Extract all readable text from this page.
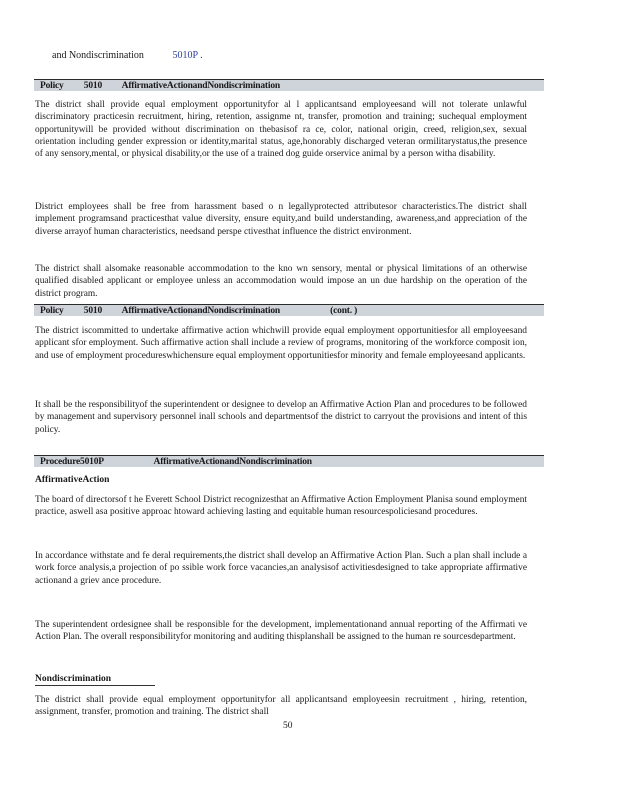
and Nondiscrimination	5010P .
Policy 5010 AffirmativeActionandNondiscrimination

The district shall provide equal employment opportunityfor al l applicantsand employeesand will not tolerate unlawful discriminatory practicesin recruitment, hiring, retention, assignme nt, transfer, promotion and training; suchequal employment opportunitywill be provided without discrimination on thebasisof ra ce, color, national origin, creed, religion,sex, sexual orientation including gender expression or identity,marital status, age,honorably discharged veteran ormilitarystatus,the presence of any sensory,mental, or physical disability,or the use of a trained dog guide orservice animal by a person witha disability.

District employees shall be free from harassment based o n legallyprotected attributesor characteristics.The district shall implement programsand practicesthat value diversity, ensure equity,and build understanding, awareness,and appreciation of the diverse arrayof human characteristics, needsand perspe ctivesthat influence the district environment.

The district shall alsomake reasonable accommodation to the kno wn sensory, mental or physical limitations of an otherwise qualified disabled applicant or employee unless an accommodation would impose an un due hardship on the operation of the district program.

Policy 5010 AffirmativeActionandNondiscrimination	(cont. )

The district iscommitted to undertake affirmative action whichwill provide equal employment opportunitiesfor all employeesand applicant sfor employment. Such affirmative action shall include a review of programs, monitoring of the workforce composit ion, and use of employment procedureswhichensure equal employment opportunitiesfor minority and female employeesand applicants.

It shall be the responsibilityof the superintendent or designee to develop an Affirmative Action Plan and procedures to be followed by management and supervisory personnel inall schools and departmentsof the district to carryout the provisions and intent of this policy.

Procedure5010P	AffirmativeActionandNondiscrimination
AffirmativeAction

The board of directorsof t he Everett School District recognizesthat an Affirmative Action Employment Planisa sound employment practice, aswell asa positive approac htoward achieving lasting and equitable human resourcespoliciesand procedures.

In accordance withstate and fe deral requirements,the district shall develop an Affirmative Action Plan. Such a plan shall include a work force analysis,a projection of po ssible work force vacancies,an analysisof activitiesdesigned to take appropriate affirmative actionand a griev ance procedure.

The superintendent ordesignee shall be responsible for the development, implementationand annual reporting of the Affirmati ve Action Plan. The overall responsibilityfor monitoring and auditing thisplanshall be assigned to the human re sourcesdepartment.

Nondiscrimination

The district shall provide equal employment opportunityfor all applicantsand employeesin recruitment , hiring, retention, assignment, transfer, promotion and training. The district shall

50
